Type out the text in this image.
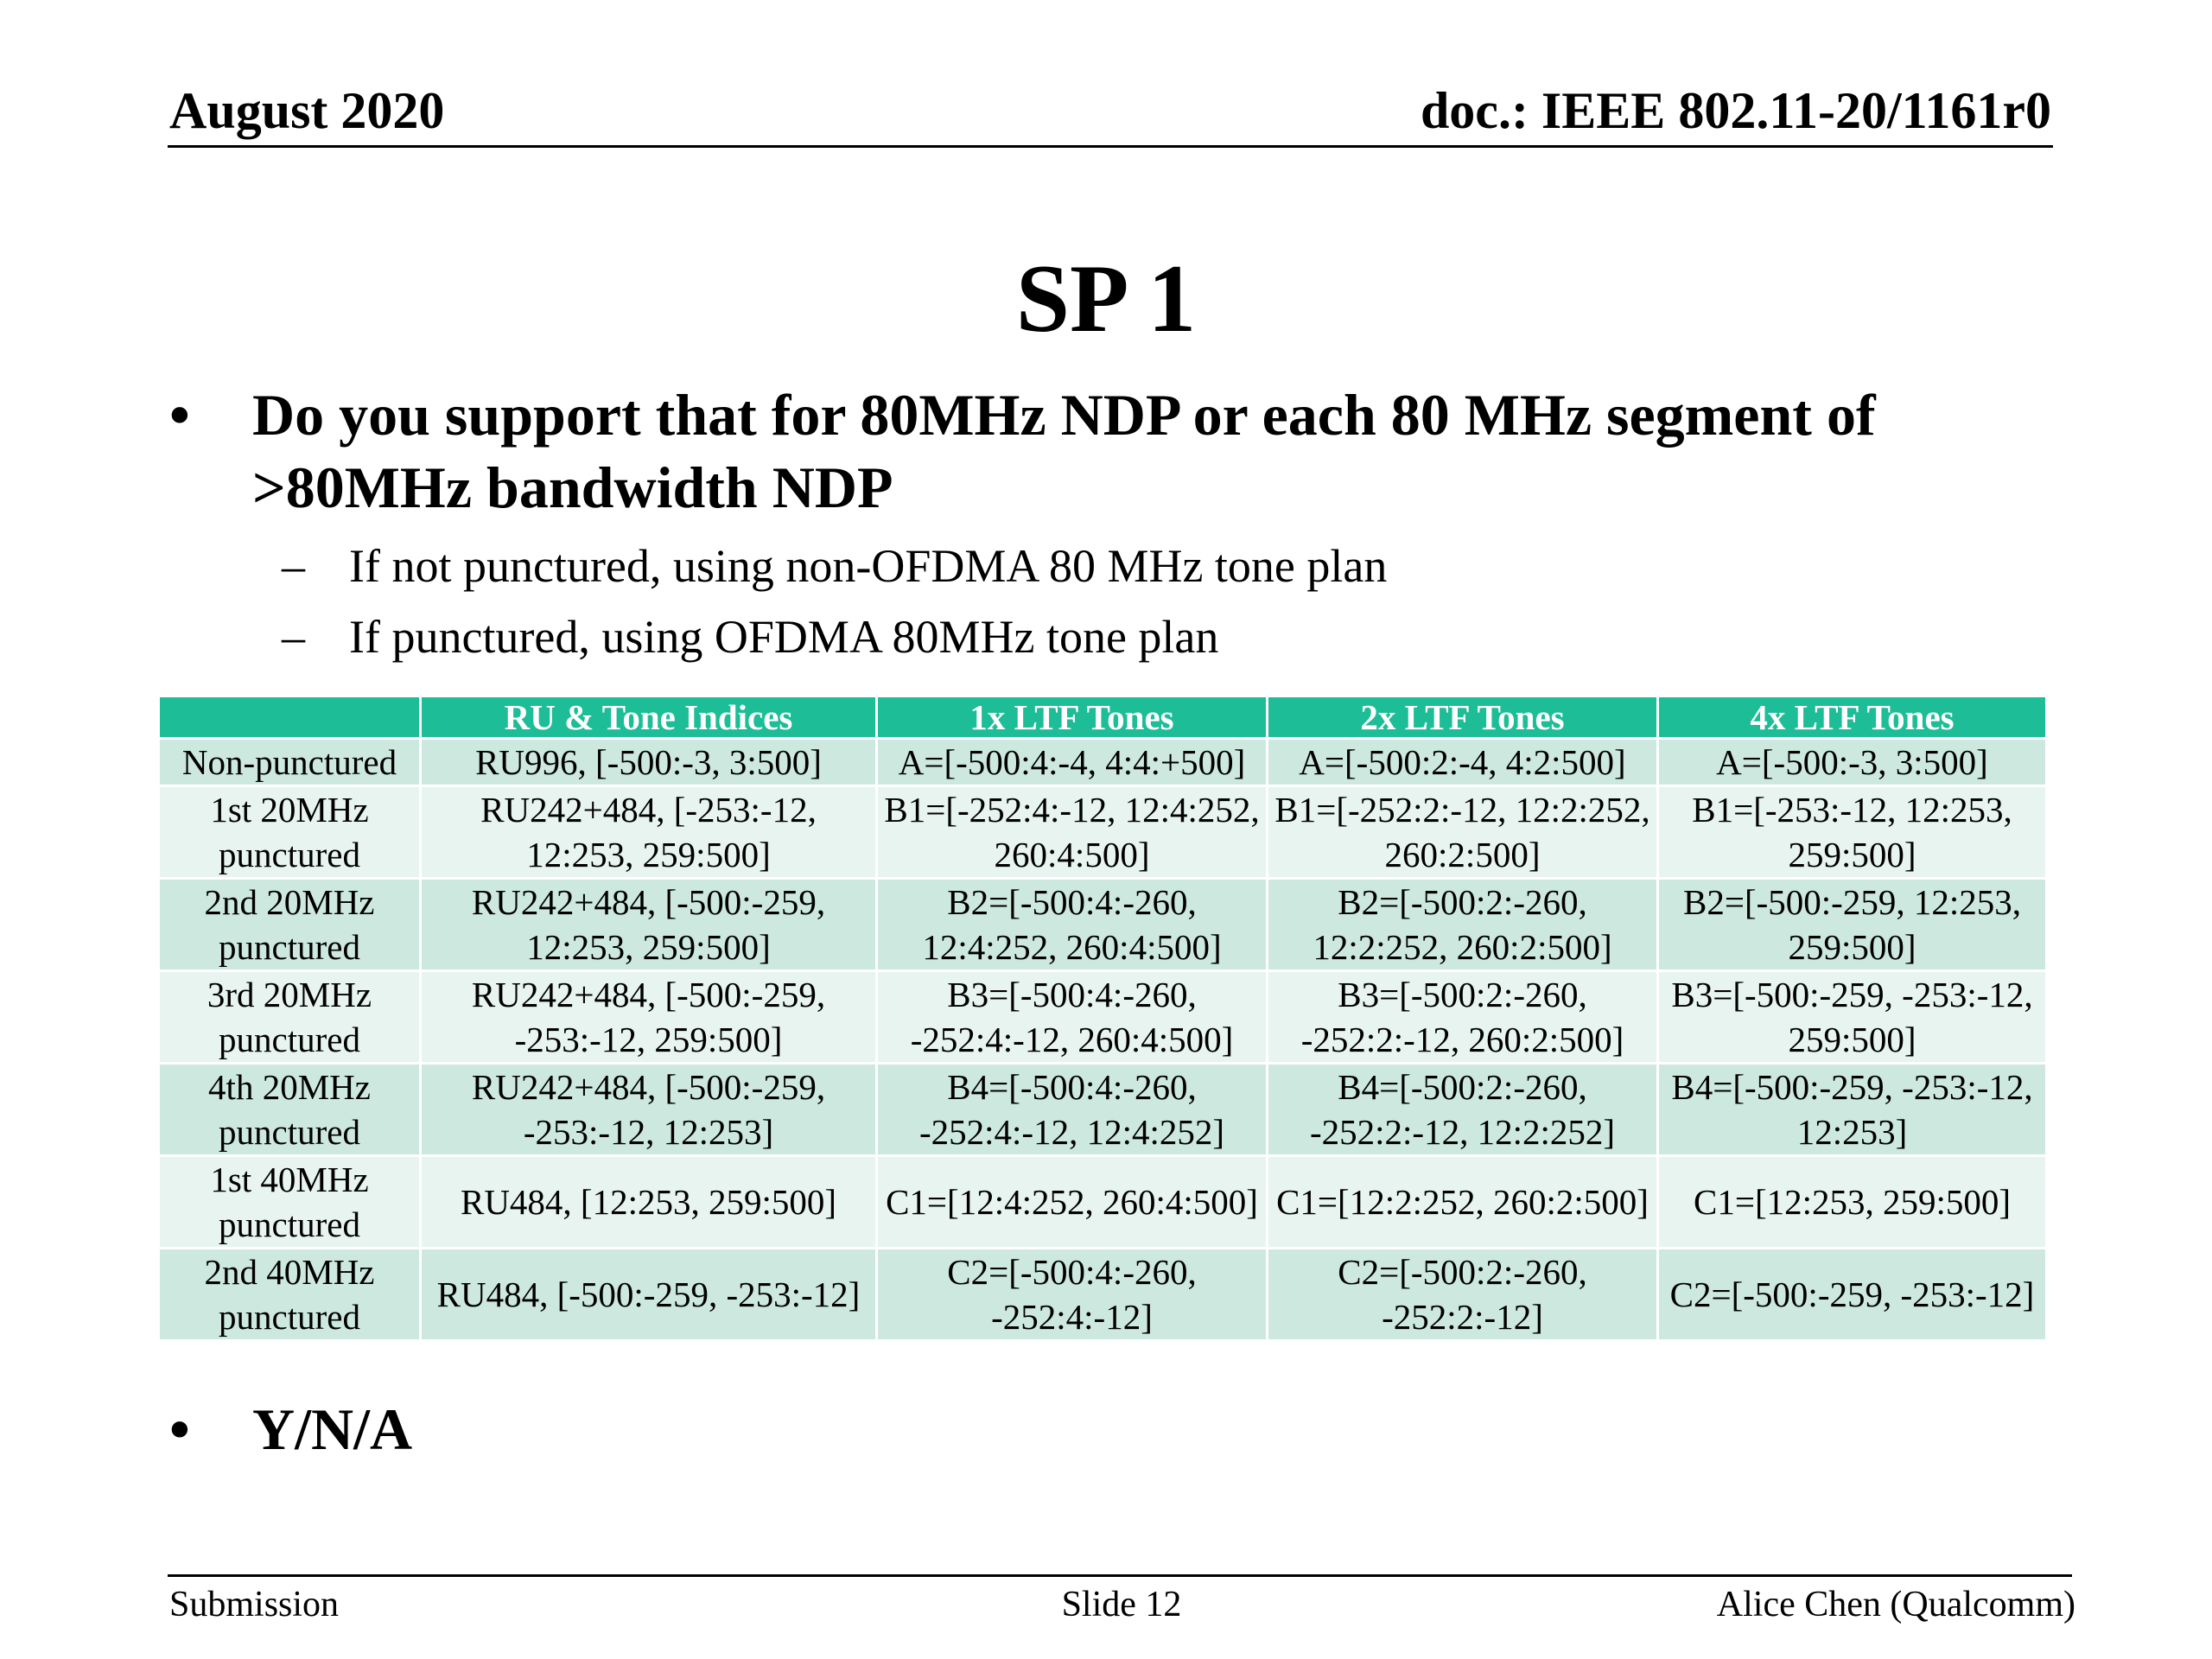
August 2020	doc.: IEEE 802.11-20/1161r0
SP 1
• Do you support that for 80MHz NDP or each 80 MHz segment of >80MHz bandwidth NDP
– If not punctured, using non-OFDMA 80 MHz tone plan
– If punctured, using OFDMA 80MHz tone plan
	RU & Tone Indices	1x LTF Tones	2x LTF Tones	4x LTF Tones
Non-punctured	RU996, [-500:-3, 3:500]	A=[-500:4:-4, 4:4:+500]	A=[-500:2:-4, 4:2:500]	A=[-500:-3, 3:500]
1st 20MHz punctured	RU242+484, [-253:-12, 12:253, 259:500]	B1=[-252:4:-12, 12:4:252, 260:4:500]	B1=[-252:2:-12, 12:2:252, 260:2:500]	B1=[-253:-12, 12:253, 259:500]
2nd 20MHz punctured	RU242+484, [-500:-259, 12:253, 259:500]	B2=[-500:4:-260, 12:4:252, 260:4:500]	B2=[-500:2:-260, 12:2:252, 260:2:500]	B2=[-500:-259, 12:253, 259:500]
3rd 20MHz punctured	RU242+484, [-500:-259, -253:-12, 259:500]	B3=[-500:4:-260, -252:4:-12, 260:4:500]	B3=[-500:2:-260, -252:2:-12, 260:2:500]	B3=[-500:-259, -253:-12, 259:500]
4th 20MHz punctured	RU242+484, [-500:-259, -253:-12, 12:253]	B4=[-500:4:-260, -252:4:-12, 12:4:252]	B4=[-500:2:-260, -252:2:-12, 12:2:252]	B4=[-500:-259, -253:-12, 12:253]
1st 40MHz punctured	RU484, [12:253, 259:500]	C1=[12:4:252, 260:4:500]	C1=[12:2:252, 260:2:500]	C1=[12:253, 259:500]
2nd 40MHz punctured	RU484, [-500:-259, -253:-12]	C2=[-500:4:-260, -252:4:-12]	C2=[-500:2:-260, -252:2:-12]	C2=[-500:-259, -253:-12]
• Y/N/A
Submission	Slide 12	Alice Chen (Qualcomm)
